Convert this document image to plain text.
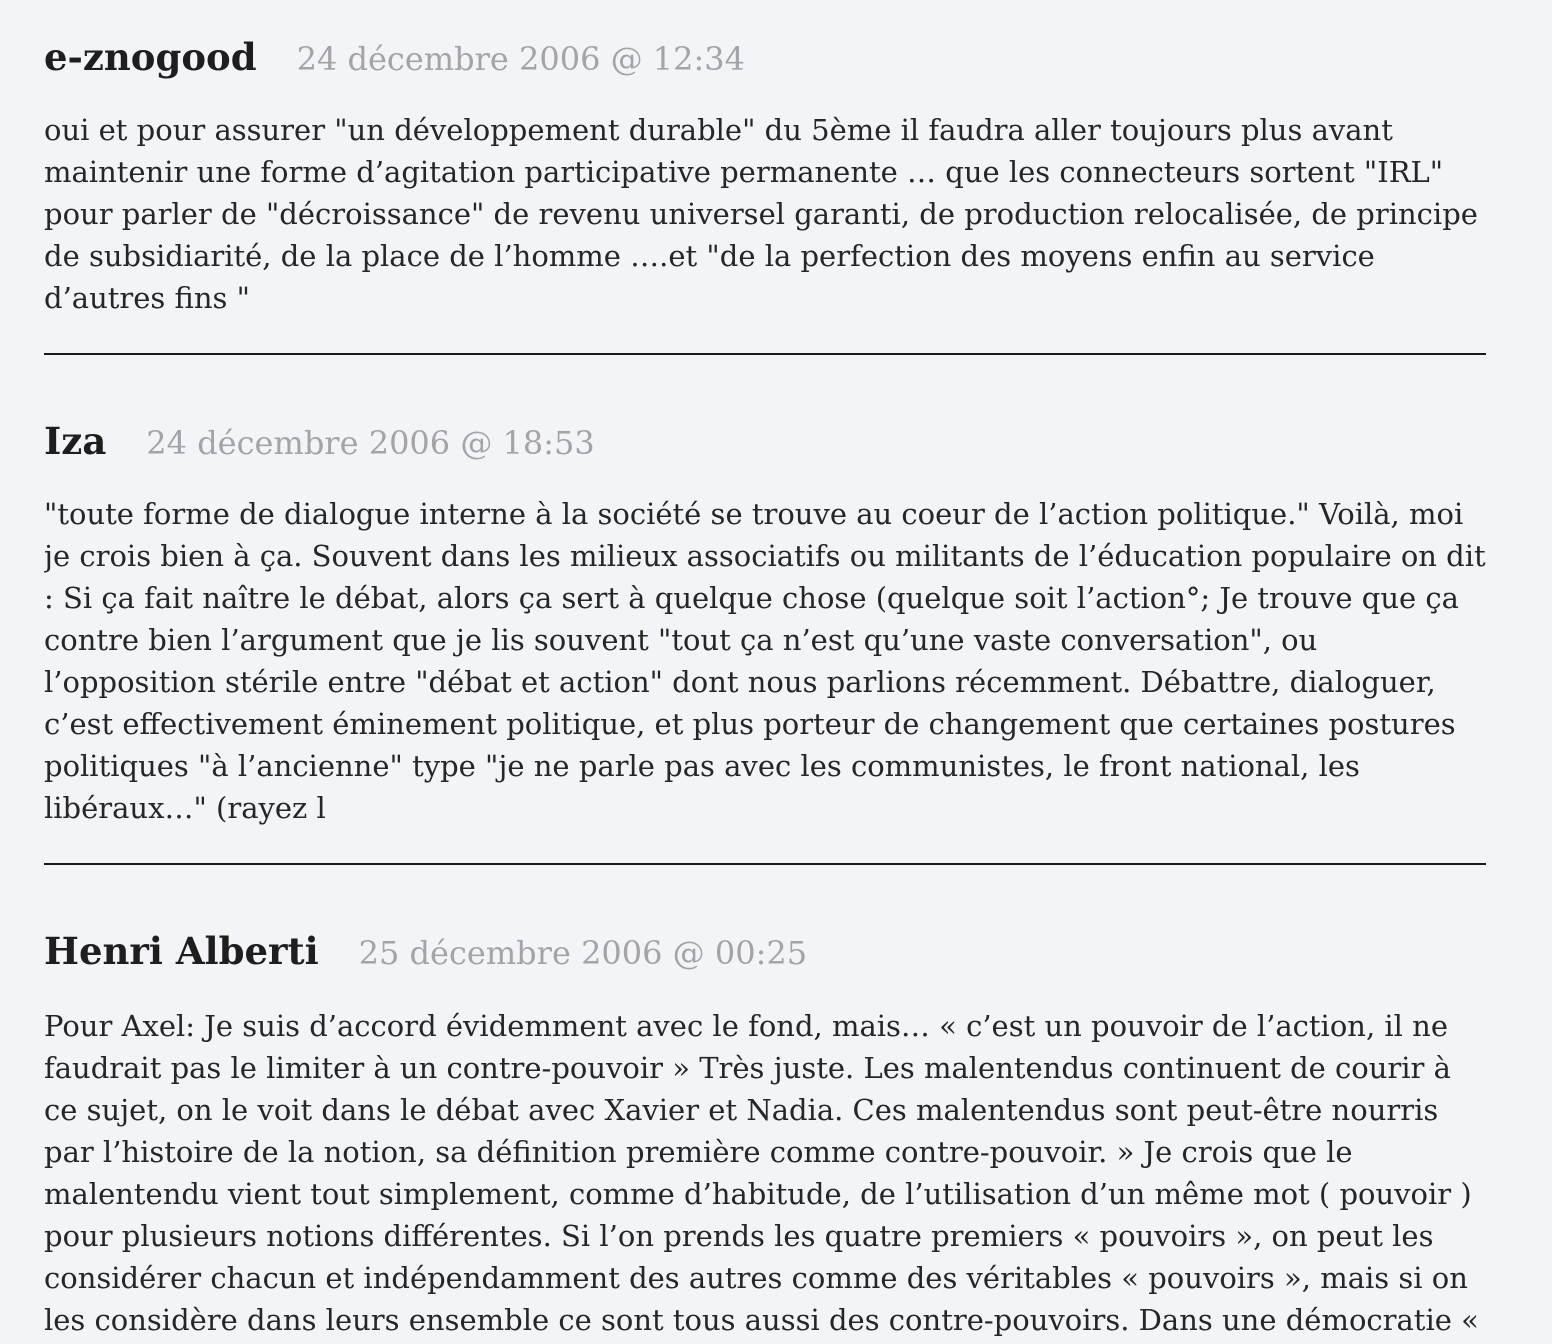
e-znogood 24 décembre 2006 @ 12:34

oui et pour assurer "un développement durable" du 5ème il faudra aller toujours plus avant maintenir une forme d’agitation participative permanente … que les connecteurs sortent "IRL" pour parler de "décroissance" de revenu universel garanti, de production relocalisée, de principe de subsidiarité, de la place de l’homme ….et "de la perfection des moyens enfin au service d’autres fins "

Iza 24 décembre 2006 @ 18:53

"toute forme de dialogue interne à la société se trouve au coeur de l’action politique." Voilà, moi je crois bien à ça. Souvent dans les milieux associatifs ou militants de l’éducation populaire on dit : Si ça fait naître le débat, alors ça sert à quelque chose (quelque soit l’action°; Je trouve que ça contre bien l’argument que je lis souvent "tout ça n’est qu’une vaste conversation", ou l’opposition stérile entre "débat et action" dont nous parlions récemment. Débattre, dialoguer, c’est effectivement éminement politique, et plus porteur de changement que certaines postures politiques "à l’ancienne" type "je ne parle pas avec les communistes, le front national, les libéraux…" (rayez l

Henri Alberti 25 décembre 2006 @ 00:25

Pour Axel: Je suis d’accord évidemment avec le fond, mais… « c’est un pouvoir de l’action, il ne faudrait pas le limiter à un contre-pouvoir » Très juste. Les malentendus continuent de courir à ce sujet, on le voit dans le débat avec Xavier et Nadia. Ces malentendus sont peut-être nourris par l’histoire de la notion, sa définition première comme contre-pouvoir. » Je crois que le malentendu vient tout simplement, comme d’habitude, de l’utilisation d’un même mot ( pouvoir ) pour plusieurs notions différentes. Si l’on prends les quatre premiers « pouvoirs », on peut les considérer chacun et indépendamment des autres comme des véritables « pouvoirs », mais si on les considère dans leurs ensemble ce sont tous aussi des contre-pouvoirs. Dans une démocratie «
